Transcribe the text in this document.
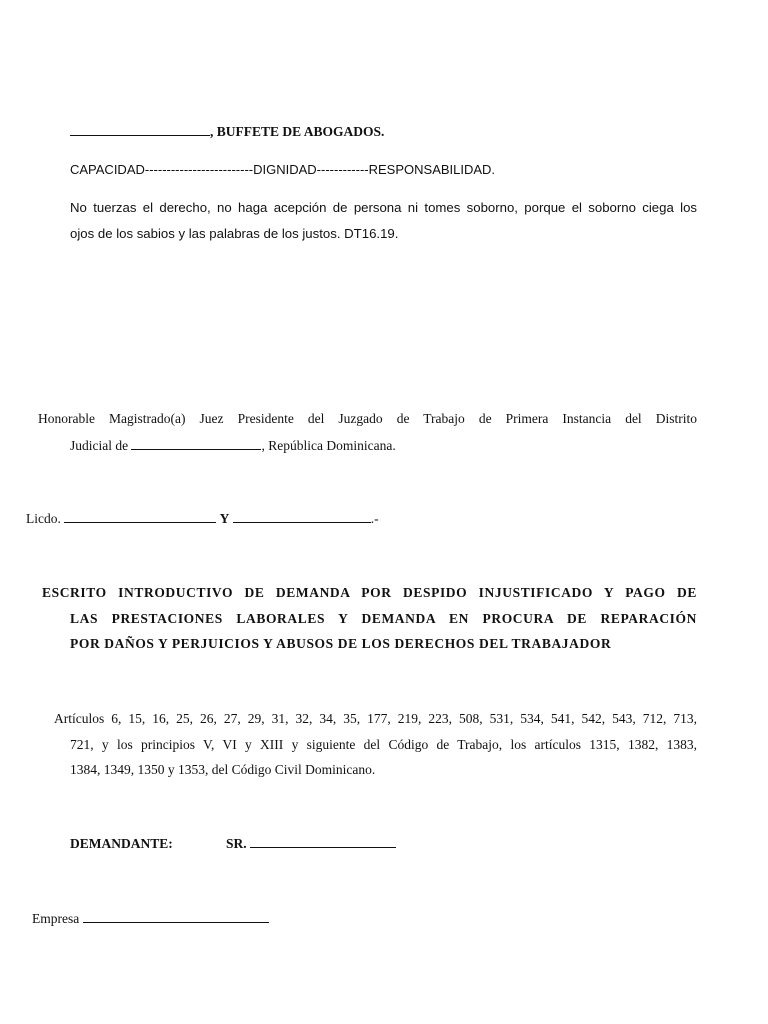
, BUFFETE DE ABOGADOS.
CAPACIDAD-------------------------DIGNIDAD------------RESPONSABILIDAD.
No tuerzas el derecho, no haga acepción de persona ni tomes soborno, porque el soborno ciega los
ojos de los sabios y las palabras de los justos. DT16.19.
Honorable Magistrado(a) Juez Presidente del Juzgado de Trabajo de Primera Instancia del Distrito
Judicial de	, República Dominicana.
Licdo.	Y	.-
ESCRITO INTRODUCTIVO DE DEMANDA POR DESPIDO INJUSTIFICADO Y PAGO DE
LAS PRESTACIONES LABORALES Y DEMANDA EN PROCURA DE REPARACIÓN
POR DAÑOS Y PERJUICIOS Y ABUSOS DE LOS DERECHOS DEL TRABAJADOR
Artículos 6, 15, 16, 25, 26, 27, 29, 31, 32, 34, 35, 177, 219, 223, 508, 531, 534, 541, 542, 543, 712, 713,
721, y los principios V, VI y XIII y siguiente del Código de Trabajo, los artículos 1315, 1382, 1383,
1384, 1349, 1350 y 1353, del Código Civil Dominicano.
DEMANDANTE:	SR.
Empresa
